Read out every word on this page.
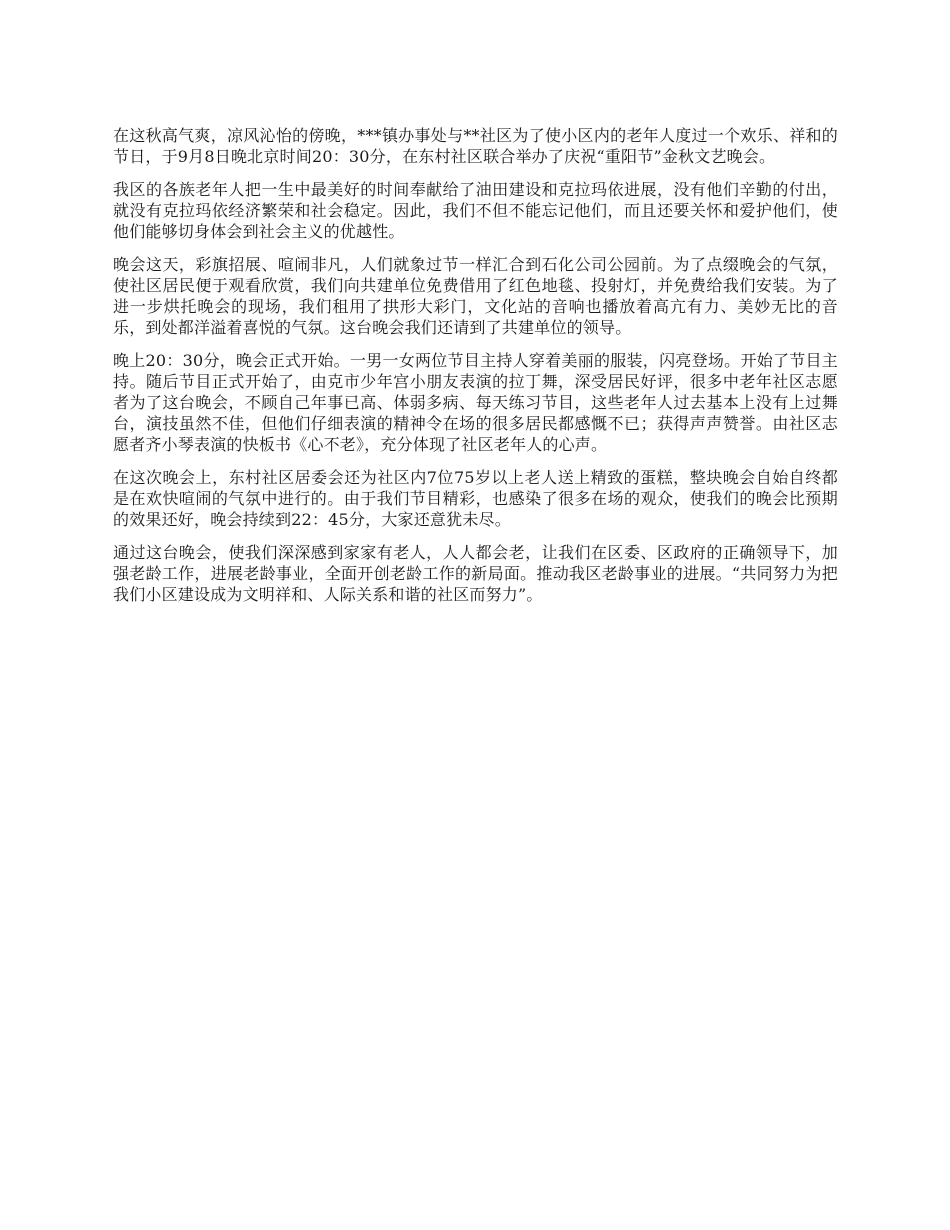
在这秋高气爽，凉风沁怡的傍晚，***镇办事处与**社区为了使小区内的老年人度过一个欢乐、祥和的节日，于9月8日晚北京时间20：30分，在东村社区联合举办了庆祝“重阳节”金秋文艺晚会。

我区的各族老年人把一生中最美好的时间奉献给了油田建设和克拉玛依进展，没有他们辛勤的付出，就没有克拉玛依经济繁荣和社会稳定。因此，我们不但不能忘记他们，而且还要关怀和爱护他们，使他们能够切身体会到社会主义的优越性。

晚会这天，彩旗招展、喧闹非凡，人们就象过节一样汇合到石化公司公园前。为了点缀晚会的气氛，使社区居民便于观看欣赏，我们向共建单位免费借用了红色地毯、投射灯，并免费给我们安装。为了进一步烘托晚会的现场，我们租用了拱形大彩门，文化站的音响也播放着高亢有力、美妙无比的音乐，到处都洋溢着喜悦的气氛。这台晚会我们还请到了共建单位的领导。

晚上20：30分，晚会正式开始。一男一女两位节目主持人穿着美丽的服装，闪亮登场。开始了节目主持。随后节目正式开始了，由克市少年宫小朋友表演的拉丁舞，深受居民好评，很多中老年社区志愿者为了这台晚会，不顾自己年事已高、体弱多病、每天练习节目，这些老年人过去基本上没有上过舞台，演技虽然不佳，但他们仔细表演的精神令在场的很多居民都感慨不已；获得声声赞誉。由社区志愿者齐小琴表演的快板书《心不老》，充分体现了社区老年人的心声。

在这次晚会上，东村社区居委会还为社区内7位75岁以上老人送上精致的蛋糕，整块晚会自始自终都是在欢快喧闹的气氛中进行的。由于我们节目精彩，也感染了很多在场的观众，使我们的晚会比预期的效果还好，晚会持续到22：45分，大家还意犹未尽。

通过这台晚会，使我们深深感到家家有老人，人人都会老，让我们在区委、区政府的正确领导下，加强老龄工作，进展老龄事业，全面开创老龄工作的新局面。推动我区老龄事业的进展。“共同努力为把我们小区建设成为文明祥和、人际关系和谐的社区而努力”。
